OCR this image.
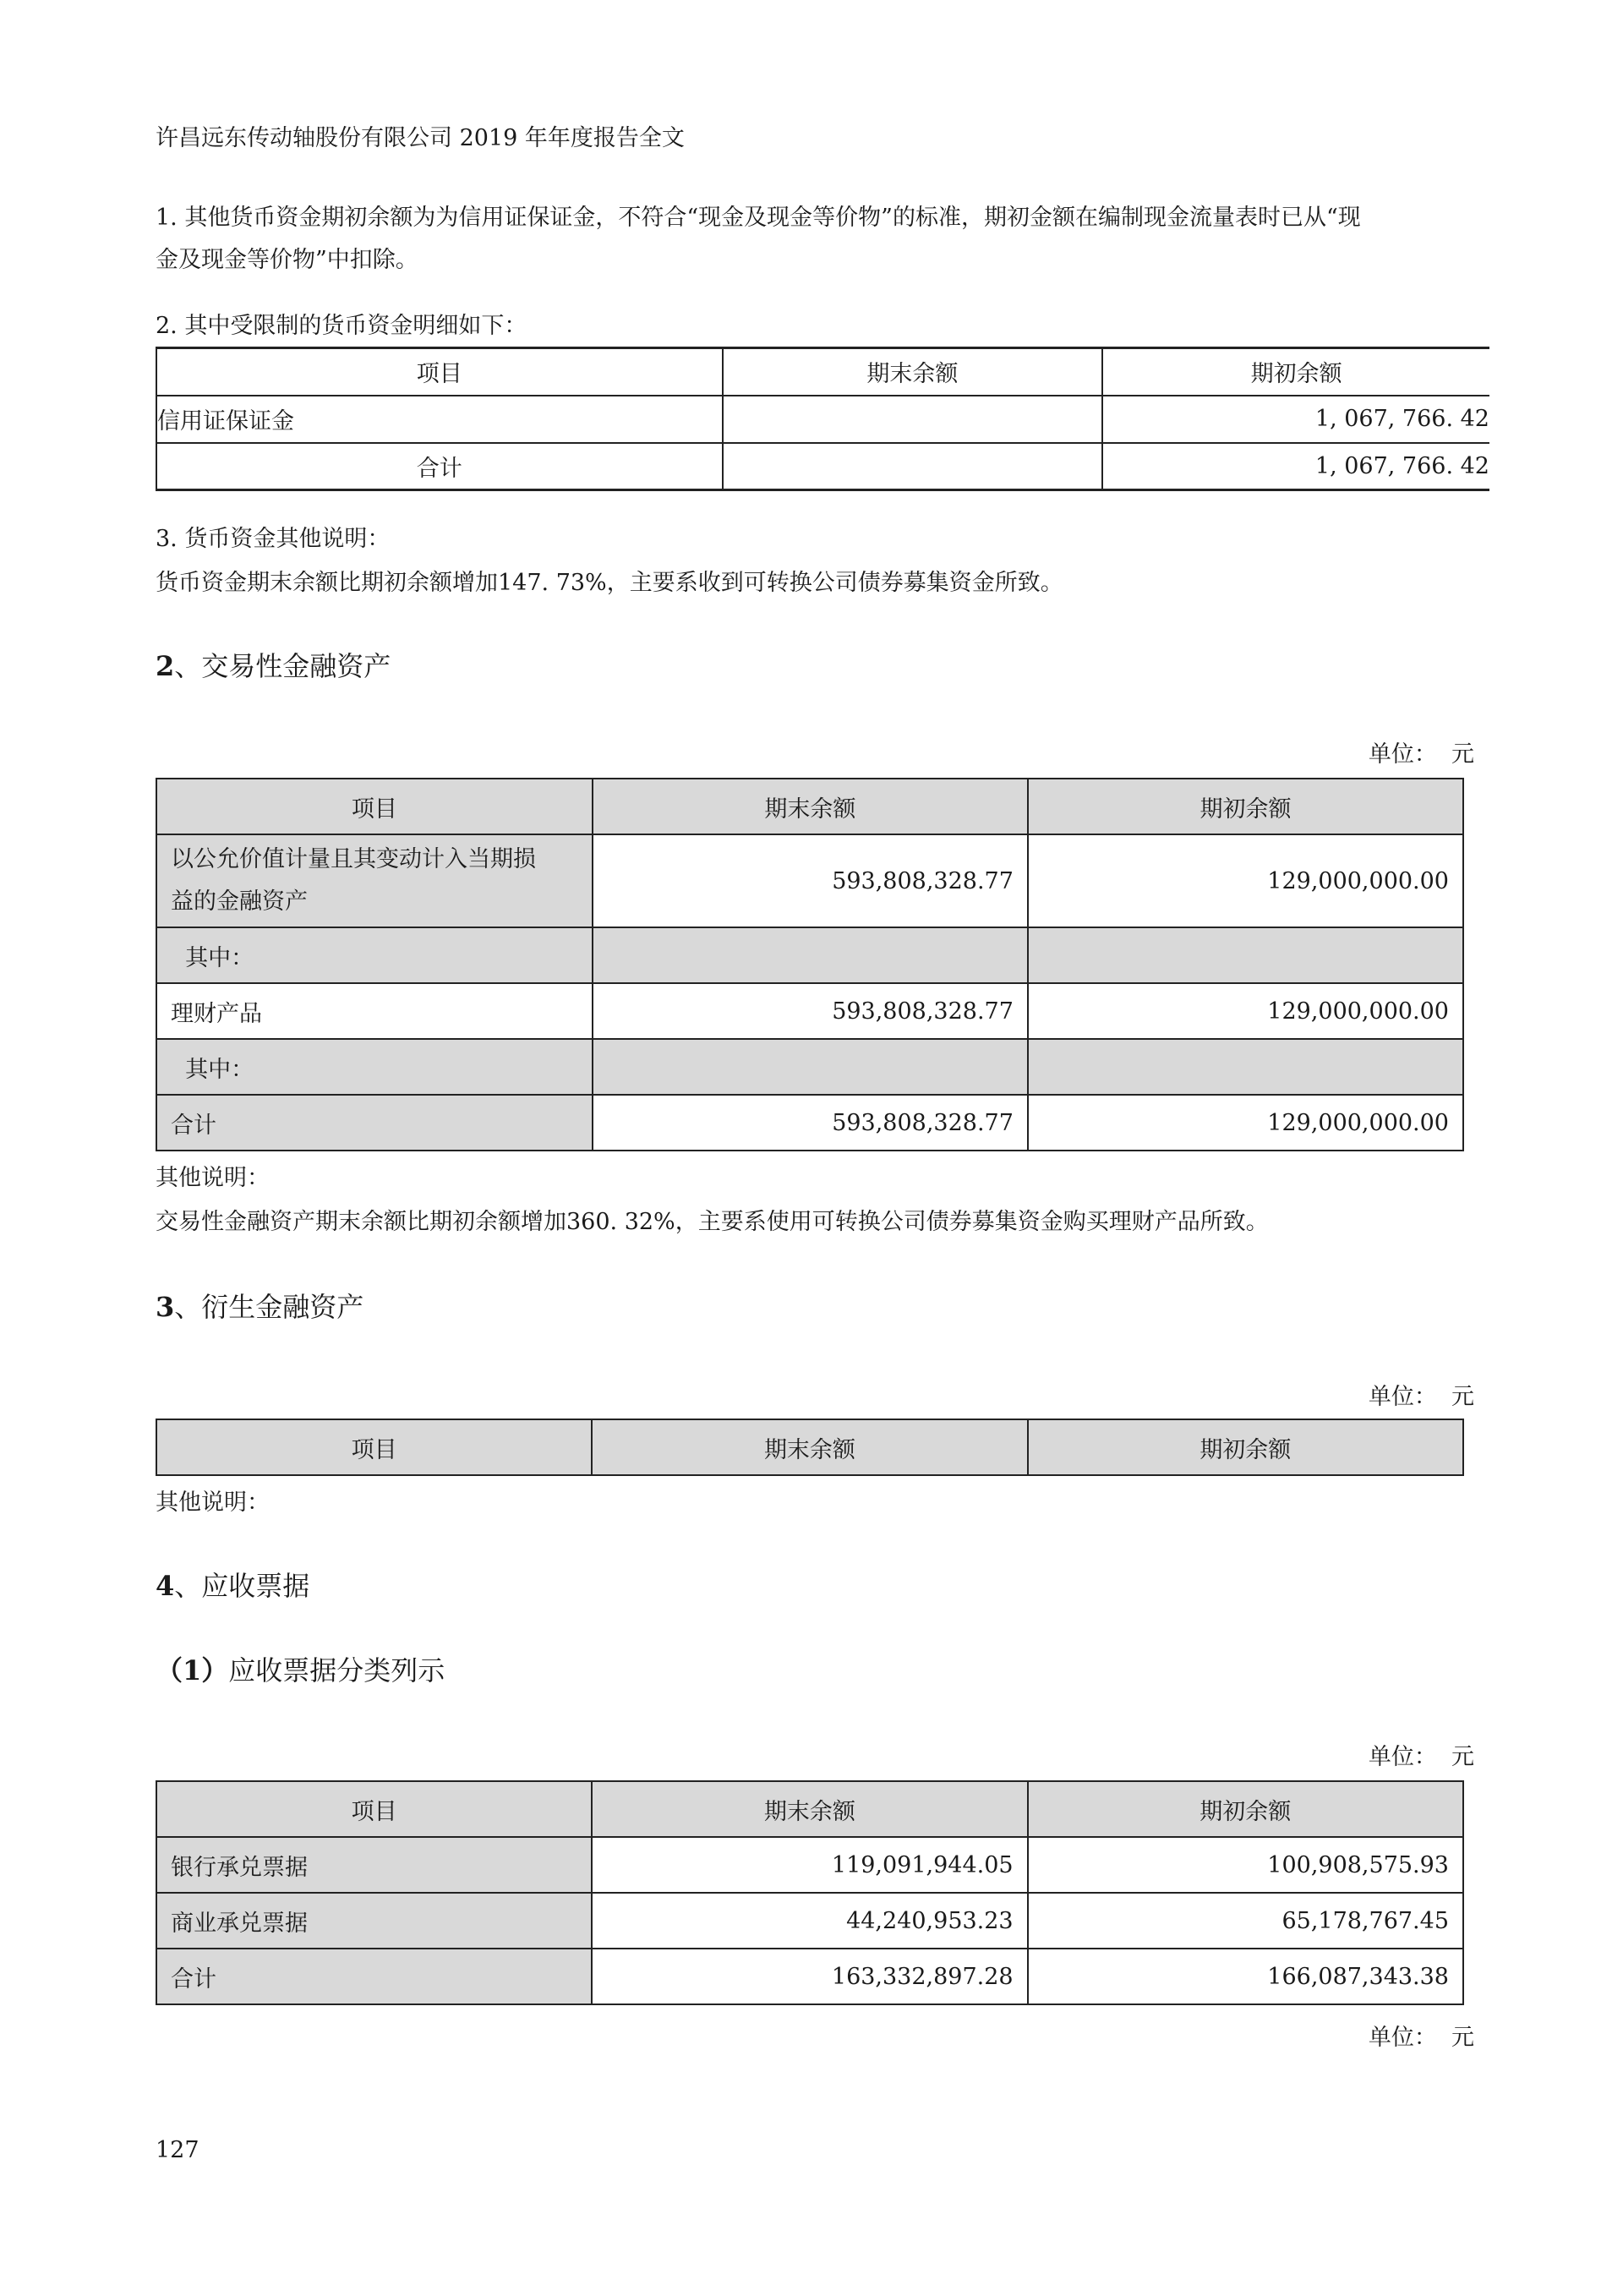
许昌远东传动轴股份有限公司 2019 年年度报告全文
1. 其他货币资金期初余额为为信用证保证金，不符合“现金及现金等价物”的标准，期初金额在编制现金流量表时已从“现
金及现金等价物”中扣除。
2. 其中受限制的货币资金明细如下：
项目	期末余额	期初余额
信用证保证金		1, 067, 766. 42
合计		1, 067, 766. 42
3. 货币资金其他说明：
货币资金期末余额比期初余额增加147. 73%，主要系收到可转换公司债券募集资金所致。
2、交易性金融资产
单位：  元
项目	期末余额	期初余额

以公允价值计量且其变动计入当期损
益的金融资产	593,808,328.77	129,000,000.00
其中：		
理财产品	593,808,328.77	129,000,000.00
其中：		
合计	593,808,328.77	129,000,000.00
其他说明：
交易性金融资产期末余额比期初余额增加360. 32%，主要系使用可转换公司债券募集资金购买理财产品所致。
3、衍生金融资产
单位：  元
项目	期末余额	期初余额
其他说明：
4、应收票据
（1）应收票据分类列示
单位：  元
项目	期末余额	期初余额
银行承兑票据	119,091,944.05	100,908,575.93
商业承兑票据	44,240,953.23	65,178,767.45
合计	163,332,897.28	166,087,343.38
单位：  元
127
